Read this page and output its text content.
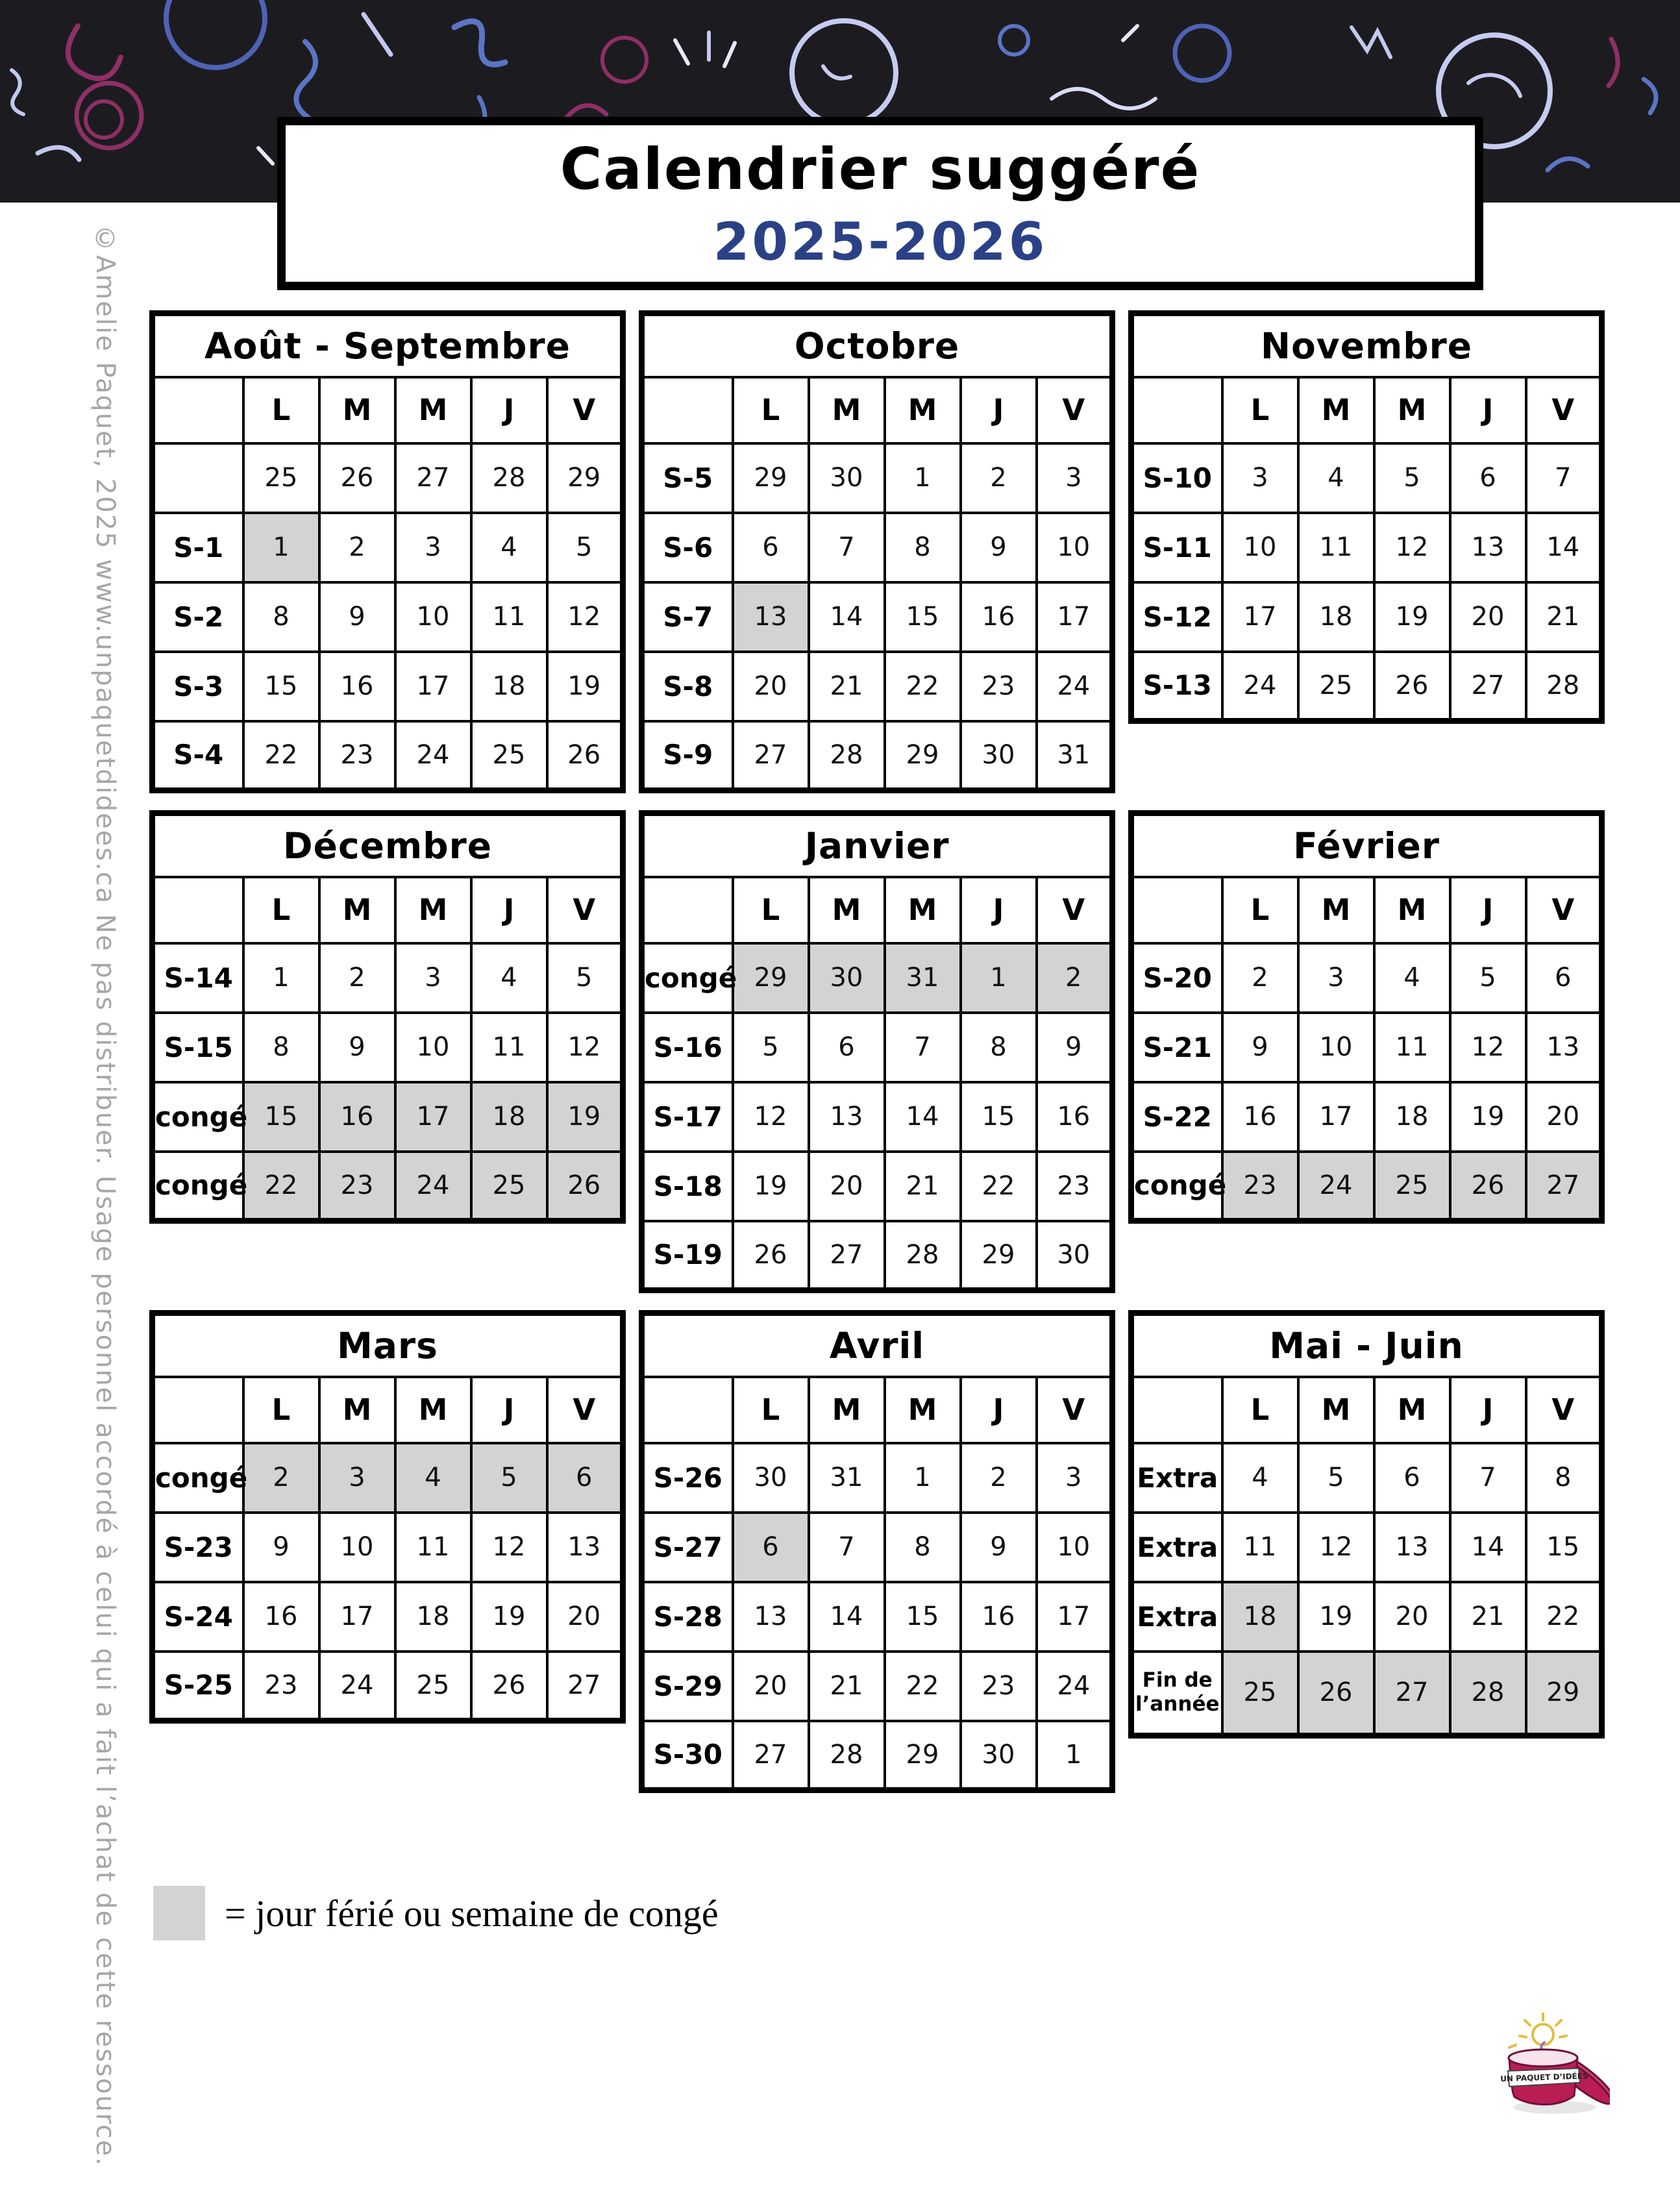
Calendrier suggéré
2025-2026
©Amelie Paquet, 2025 www.unpaquetdidees.ca Ne pas distribuer. Usage personnel accordé à celui qui a fait l’achat de cette ressource. Août - Septembre					
	L	M	M	J	V
	25	26	27	28	29
S-1	1	2	3	4	5
S-2	8	9	10	11	12
S-3	15	16	17	18	19
S-4	22	23	24	25	26
Octobre					
	L	M	M	J	V
S-5	29	30	1	2	3
S-6	6	7	8	9	10
S-7	13	14	15	16	17
S-8	20	21	22	23	24
S-9	27	28	29	30	31
Novembre					
	L	M	M	J	V
S-10	3	4	5	6	7
S-11	10	11	12	13	14
S-12	17	18	19	20	21
S-13	24	25	26	27	28
Décembre					
	L	M	M	J	V
S-14	1	2	3	4	5
S-15	8	9	10	11	12
congé	15	16	17	18	19
congé	22	23	24	25	26
Janvier					
	L	M	M	J	V
congé	29	30	31	1	2
S-16	5	6	7	8	9
S-17	12	13	14	15	16
S-18	19	20	21	22	23
S-19	26	27	28	29	30
Février					
	L	M	M	J	V
S-20	2	3	4	5	6
S-21	9	10	11	12	13
S-22	16	17	18	19	20
congé	23	24	25	26	27
Mars					
	L	M	M	J	V
congé	2	3	4	5	6
S-23	9	10	11	12	13
S-24	16	17	18	19	20
S-25	23	24	25	26	27
Avril					
	L	M	M	J	V
S-26	30	31	1	2	3
S-27	6	7	8	9	10
S-28	13	14	15	16	17
S-29	20	21	22	23	24
S-30	27	28	29	30	1
Mai - Juin					
	L	M	M	J	V
Extra	4	5	6	7	8
Extra	11	12	13	14	15
Extra	18	19	20	21	22
Fin de l’année	25	26	27	28	29
= jour férié ou semaine de congé
UN PAQUET D’IDÉES
